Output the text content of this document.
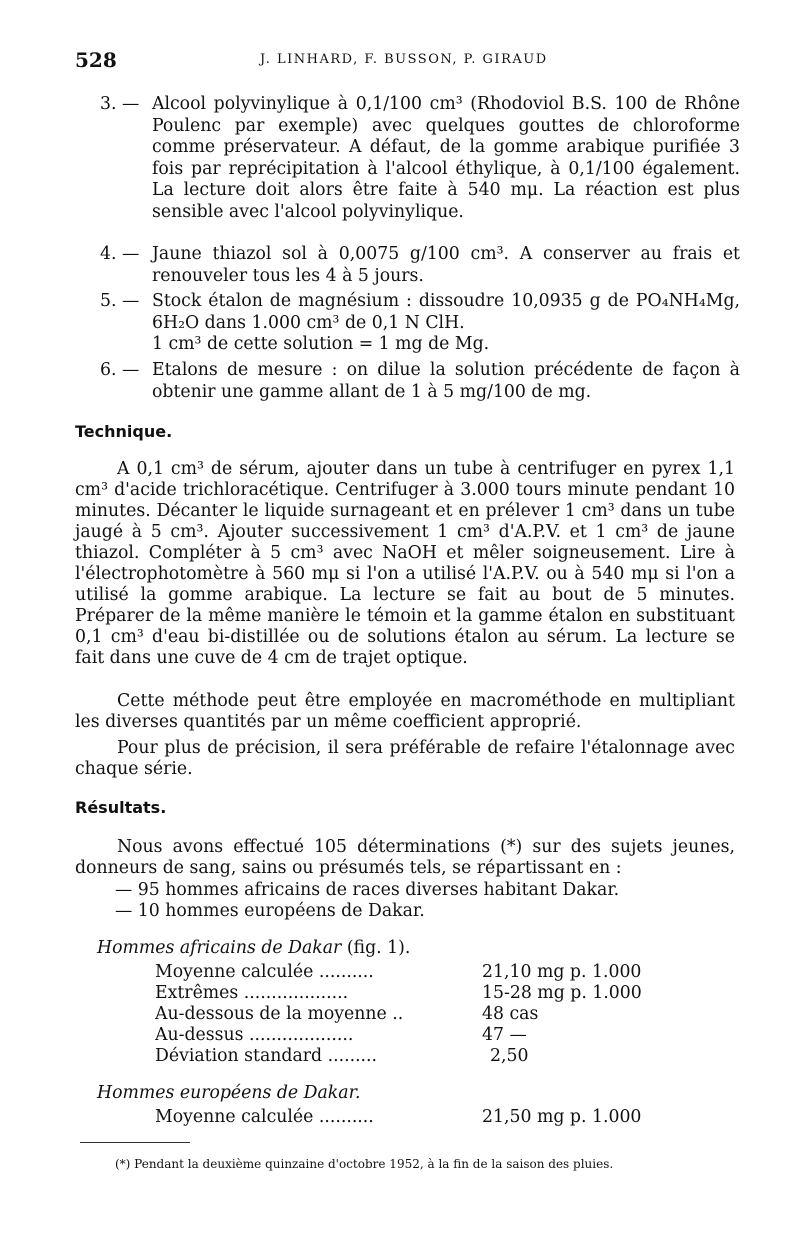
528	J. LINHARD, F. BUSSON, P. GIRAUD
3. — Alcool polyvinylique à 0,1/100 cm³ (Rhodoviol B.S. 100 de Rhône Poulenc par exemple) avec quelques gouttes de chloroforme comme préservateur. A défaut, de la gomme arabique purifiée 3 fois par reprécipitation à l'alcool éthylique, à 0,1/100 également. La lecture doit alors être faite à 540 mμ. La réaction est plus sensible avec l'alcool polyvinylique.
4. — Jaune thiazol sol à 0,0075 g/100 cm³. A conserver au frais et renouveler tous les 4 à 5 jours.
5. — Stock étalon de magnésium : dissoudre 10,0935 g de PO₄NH₄Mg, 6H₂O dans 1.000 cm³ de 0,1 N ClH.
1 cm³ de cette solution = 1 mg de Mg.
6. — Etalons de mesure : on dilue la solution précédente de façon à obtenir une gamme allant de 1 à 5 mg/100 de mg.
Technique.
A 0,1 cm³ de sérum, ajouter dans un tube à centrifuger en pyrex 1,1 cm³ d'acide trichloracétique. Centrifuger à 3.000 tours minute pendant 10 minutes. Décanter le liquide surnageant et en prélever 1 cm³ dans un tube jaugé à 5 cm³. Ajouter successivement 1 cm³ d'A.P.V. et 1 cm³ de jaune thiazol. Compléter à 5 cm³ avec NaOH et mêler soigneusement. Lire à l'électrophotomètre à 560 mμ si l'on a utilisé l'A.P.V. ou à 540 mμ si l'on a utilisé la gomme arabique. La lecture se fait au bout de 5 minutes. Préparer de la même manière le témoin et la gamme étalon en substituant 0,1 cm³ d'eau bi-distillée ou de solutions étalon au sérum. La lecture se fait dans une cuve de 4 cm de trajet optique.
Cette méthode peut être employée en macrométhode en multipliant les diverses quantités par un même coefficient approprié.
Pour plus de précision, il sera préférable de refaire l'étalonnage avec chaque série.
Résultats.
Nous avons effectué 105 déterminations (*) sur des sujets jeunes, donneurs de sang, sains ou présumés tels, se répartissant en :
— 95 hommes africains de races diverses habitant Dakar.
— 10 hommes européens de Dakar.
Hommes africains de Dakar (fig. 1).
Moyenne calculée ..........	21,10 mg p. 1.000
Extrêmes ...................	15-28 mg p. 1.000
Au-dessous de la moyenne ..	48 cas
Au-dessus ...................	47 —
Déviation standard .........	2,50
Hommes européens de Dakar.
Moyenne calculée ..........	21,50 mg p. 1.000
(*) Pendant la deuxième quinzaine d'octobre 1952, à la fin de la saison des pluies.
